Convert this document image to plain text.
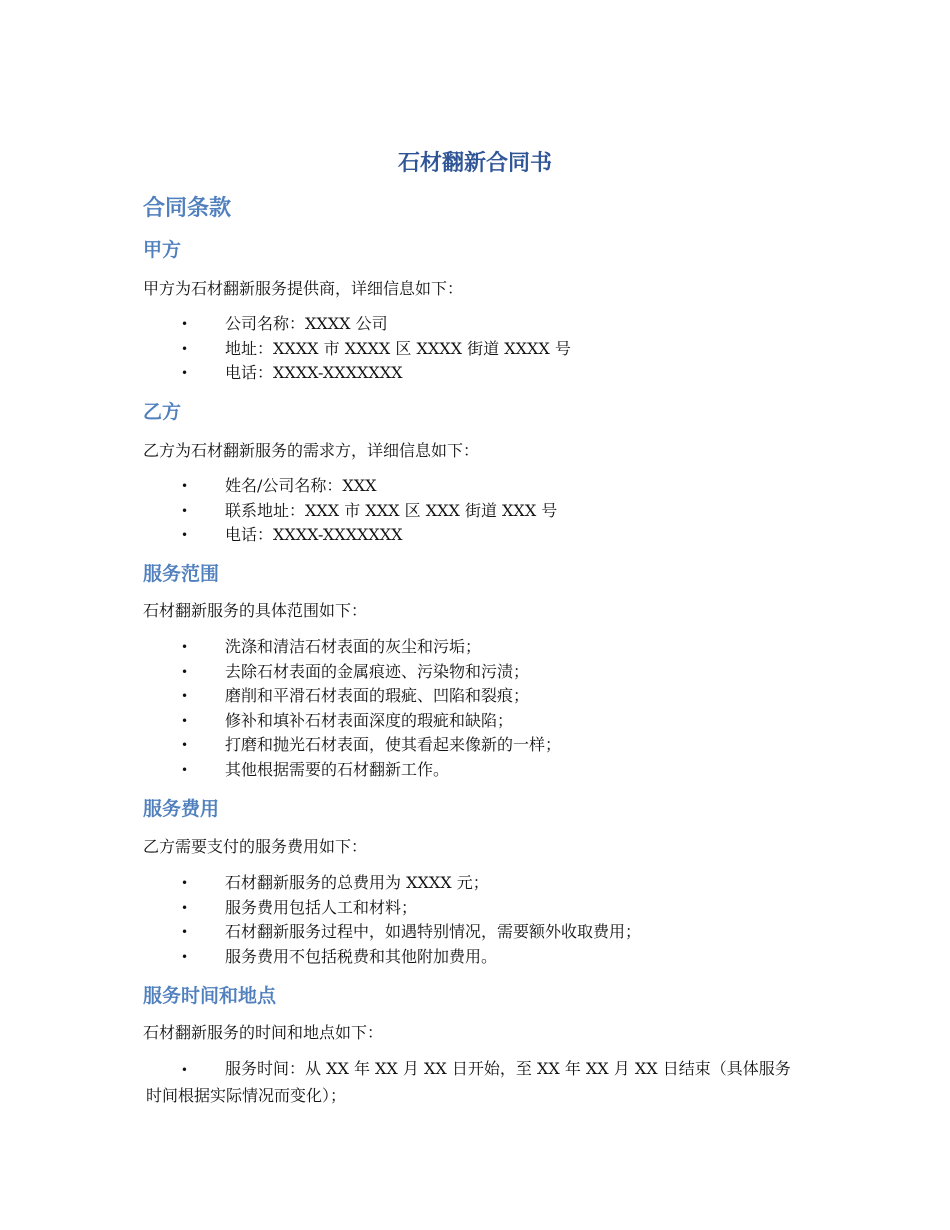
石材翻新合同书
合同条款
甲方
甲方为石材翻新服务提供商，详细信息如下：
• 公司名称：XXXX 公司
• 地址：XXXX 市 XXXX 区 XXXX 街道 XXXX 号
• 电话：XXXX-XXXXXXX
乙方
乙方为石材翻新服务的需求方，详细信息如下：
• 姓名/公司名称：XXX
• 联系地址：XXX 市 XXX 区 XXX 街道 XXX 号
• 电话：XXXX-XXXXXXX
服务范围
石材翻新服务的具体范围如下：
• 洗涤和清洁石材表面的灰尘和污垢；
• 去除石材表面的金属痕迹、污染物和污渍；
• 磨削和平滑石材表面的瑕疵、凹陷和裂痕；
• 修补和填补石材表面深度的瑕疵和缺陷；
• 打磨和抛光石材表面，使其看起来像新的一样；
• 其他根据需要的石材翻新工作。
服务费用
乙方需要支付的服务费用如下：
• 石材翻新服务的总费用为 XXXX 元；
• 服务费用包括人工和材料；
• 石材翻新服务过程中，如遇特别情况，需要额外收取费用；
• 服务费用不包括税费和其他附加费用。
服务时间和地点
石材翻新服务的时间和地点如下：
• 服务时间：从 XX 年 XX 月 XX 日开始，至 XX 年 XX 月 XX 日结束（具体服务
时间根据实际情况而变化）；
